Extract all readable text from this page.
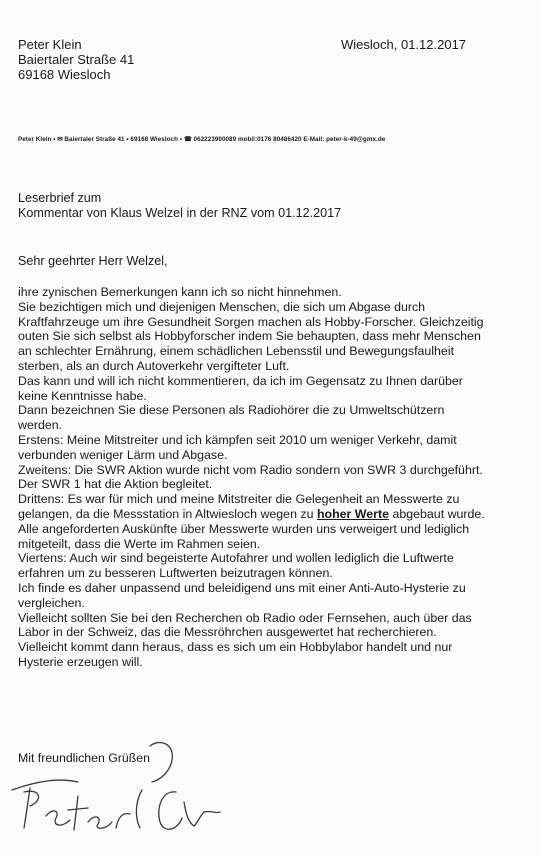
Peter Klein
Baiertaler Straße 41
69168 Wiesloch
Wiesloch, 01.12.2017
Peter Klein • ✉ Baiertaler Straße 41 • 69168 Wiesloch • ☎ 062223900089 mobil:0176 80486420 E-Mail: peter-k-49@gmx.de
Leserbrief zum
Kommentar von Klaus Welzel in der RNZ vom 01.12.2017
Sehr geehrter Herr Welzel,
ihre zynischen Bemerkungen kann ich so nicht hinnehmen.
Sie bezichtigen mich und diejenigen Menschen, die sich um Abgase durch
Kraftfahrzeuge um ihre Gesundheit Sorgen machen als Hobby-Forscher. Gleichzeitig
outen Sie sich selbst als Hobbyforscher indem Sie behaupten, dass mehr Menschen
an schlechter Ernährung, einem schädlichen Lebensstil und Bewegungsfaulheit
sterben, als an durch Autoverkehr vergifteter Luft.
Das kann und will ich nicht kommentieren, da ich im Gegensatz zu Ihnen darüber
keine Kenntnisse habe.
Dann bezeichnen Sie diese Personen als Radiohörer die zu Umweltschützern
werden.
Erstens: Meine Mitstreiter und ich kämpfen seit 2010 um weniger Verkehr, damit
verbunden weniger Lärm und Abgase.
Zweitens: Die SWR Aktion wurde nicht vom Radio sondern von SWR 3 durchgeführt.
Der SWR 1 hat die Aktion begleitet.
Drittens: Es war für mich und meine Mitstreiter die Gelegenheit an Messwerte zu
gelangen, da die Messstation in Altwiesloch wegen zu hoher Werte abgebaut wurde.
Alle angeforderten Auskünfte über Messwerte wurden uns verweigert und lediglich
mitgeteilt, dass die Werte im Rahmen seien.
Viertens: Auch wir sind begeisterte Autofahrer und wollen lediglich die Luftwerte
erfahren um zu besseren Luftwerten beizutragen können.
Ich finde es daher unpassend und beleidigend uns mit einer Anti-Auto-Hysterie zu
vergleichen.
Vielleicht sollten Sie bei den Recherchen ob Radio oder Fernsehen, auch über das
Labor in der Schweiz, das die Messröhrchen ausgewertet hat recherchieren.
Vielleicht kommt dann heraus, dass es sich um ein Hobbylabor handelt und nur
Hysterie erzeugen will.
Mit freundlichen Grüßen
